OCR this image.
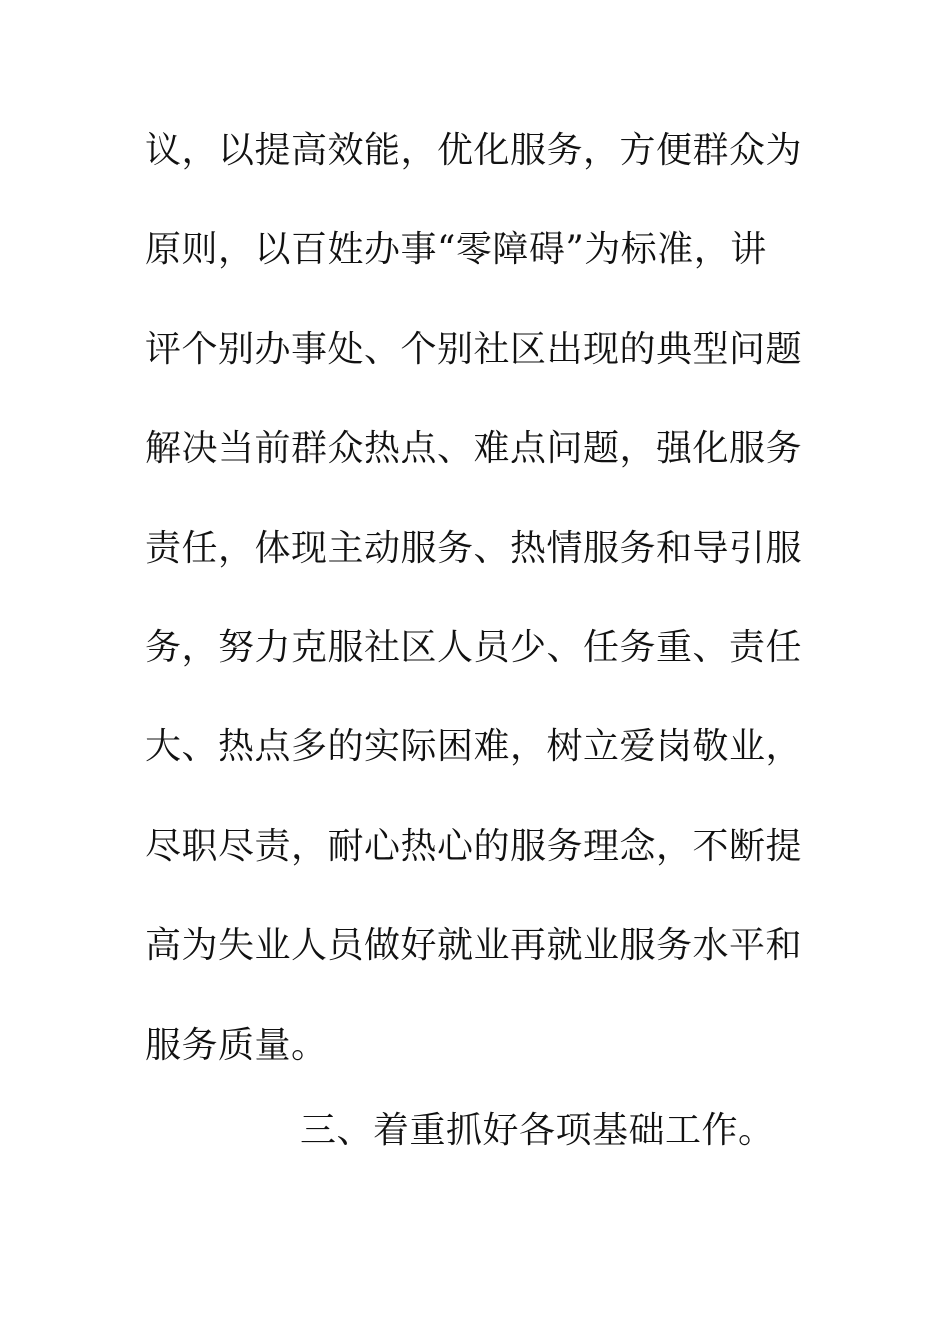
议，以提高效能，优化服务，方便群众为
原则，以百姓办事“零障碍”为标准，讲
评个别办事处、个别社区出现的典型问题
解决当前群众热点、难点问题，强化服务
责任，体现主动服务、热情服务和导引服
务，努力克服社区人员少、任务重、责任
大、热点多的实际困难，树立爱岗敬业，
尽职尽责，耐心热心的服务理念，不断提
高为失业人员做好就业再就业服务水平和
服务质量。
三、着重抓好各项基础工作。
